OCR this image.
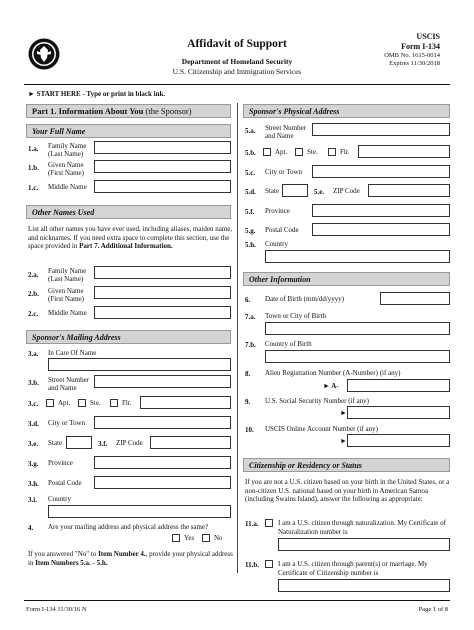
Affidavit of Support
Department of Homeland Security
U.S. Citizenship and Immigration Services
USCIS
Form I-134
OMB No. 1615-0014
Expires 11/30/2018
► START HERE - Type or print in black ink.
Part 1. Information About You (the Sponsor)
Your Full Name
1.a. Family Name (Last Name)
1.b. Given Name (First Name)
1.c. Middle Name
Other Names Used
List all other names you have ever used, including aliases, maiden name, and nicknames. If you need extra space to complete this section, use the space provided in Part 7. Additional Information.
2.a. Family Name (Last Name)
2.b. Given Name (First Name)
2.c. Middle Name
Sponsor's Mailing Address
3.a. In Care Of Name
3.b. Street Number and Name
3.c.	Apt.	Ste.	Flr.
3.d. City or Town
3.e. State	3.f. ZIP Code
3.g. Province
3.h. Postal Code
3.i. Country
4. Are your mailing address and physical address the same?
Yes	No
If you answered "No" to Item Number 4., provide your physical address in Item Numbers 5.a. - 5.h.
Sponsor's Physical Address
5.a. Street Number and Name
5.b.	Apt.	Ste.	Flr.
5.c. City or Town
5.d. State	5.e. ZIP Code
5.f. Province
5.g. Postal Code
5.h. Country
Other Information
6. Date of Birth (mm/dd/yyyy)
7.a. Town or City of Birth
7.b. Country of Birth
8. Alien Registration Number (A-Number) (if any)
► A-
9. U.S. Social Security Number (if any)
►
10. USCIS Online Account Number (if any)
►
Citizenship or Residency or Status
If you are not a U.S. citizen based on your birth in the United States, or a non-citizen U.S. national based on your birth in American Samoa (including Swains Island), answer the following as appropriate:
11.a.	I am a U.S. citizen through naturalization. My Certificate of Naturalization number is
11.b.	I am a U.S. citizen through parent(s) or marriage. My Certificate of Citizenship number is
Form I-134 11/30/16 N	Page 1 of 8
